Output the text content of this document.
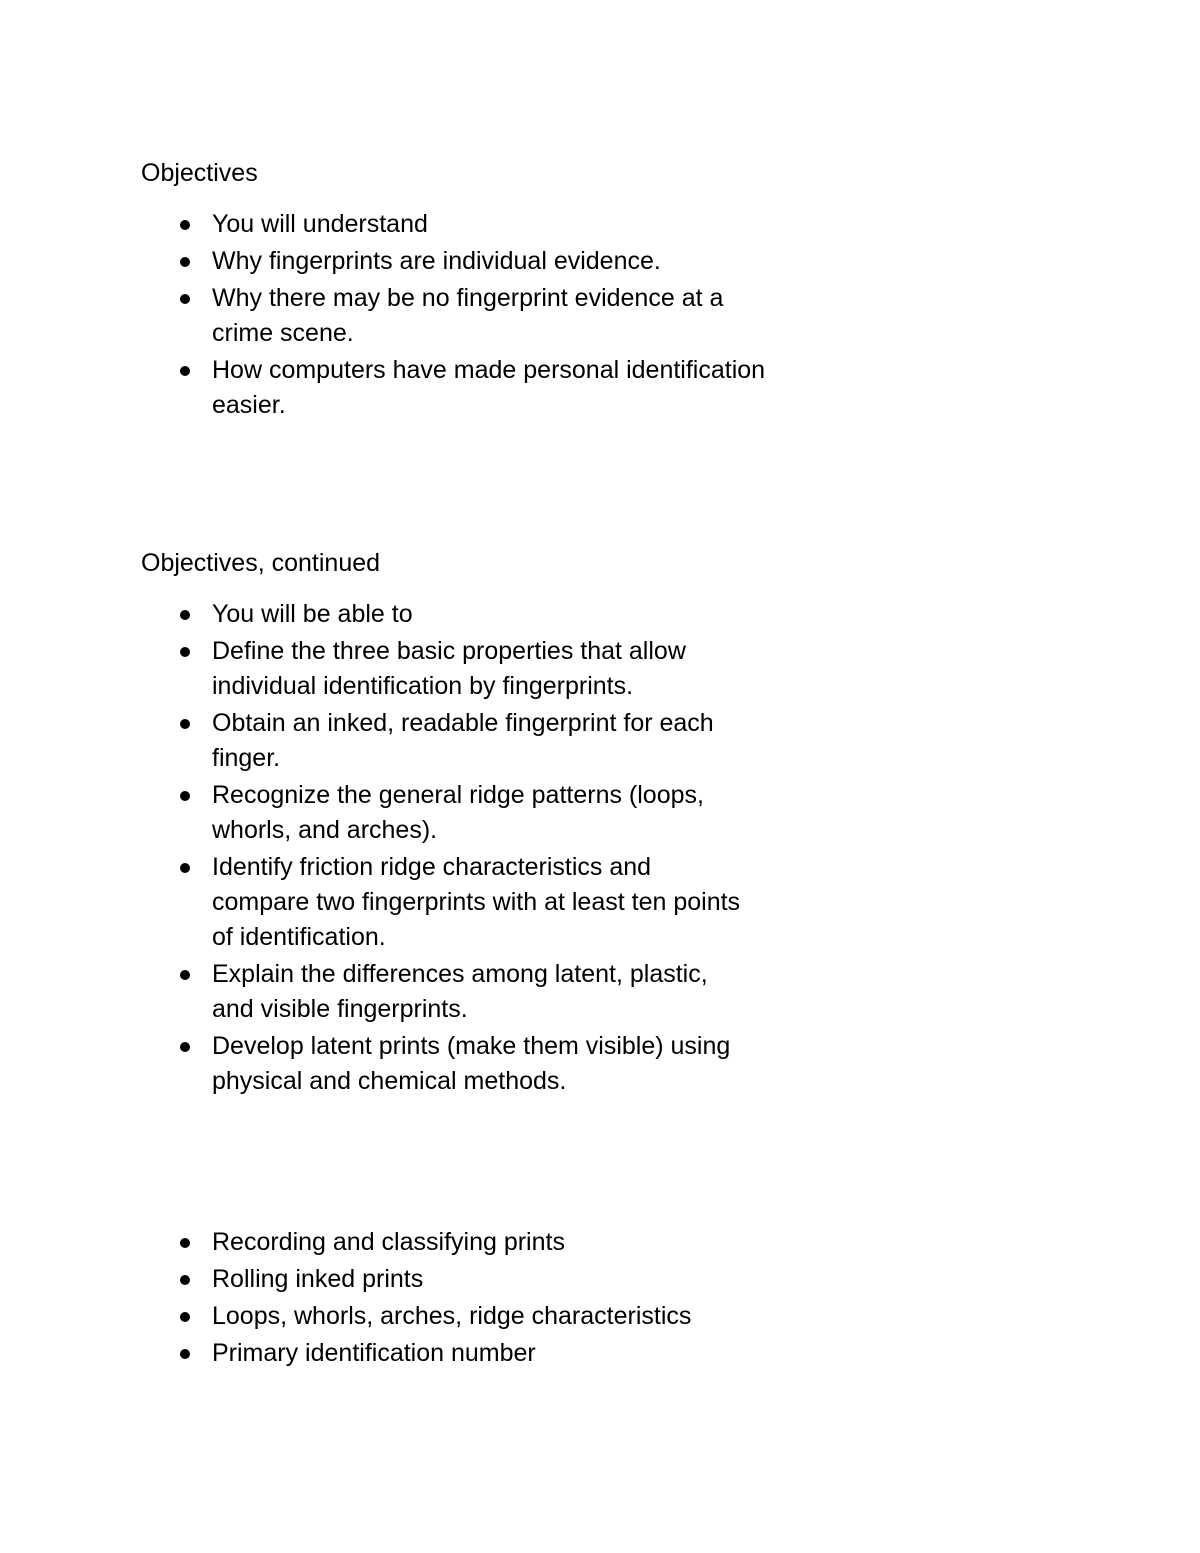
Objectives
You will understand
Why fingerprints are individual evidence.
Why there may be no fingerprint evidence at a
crime scene.
How computers have made personal identification
easier.
Objectives, continued
You will be able to
Define the three basic properties that allow
individual identification by fingerprints.
Obtain an inked, readable fingerprint for each
finger.
Recognize the general ridge patterns (loops,
whorls, and arches).
Identify friction ridge characteristics and
compare two fingerprints with at least ten points
of identification.
Explain the differences among latent, plastic,
and visible fingerprints.
Develop latent prints (make them visible) using
physical and chemical methods.
Recording and classifying prints
Rolling inked prints
Loops, whorls, arches, ridge characteristics
Primary identification number
